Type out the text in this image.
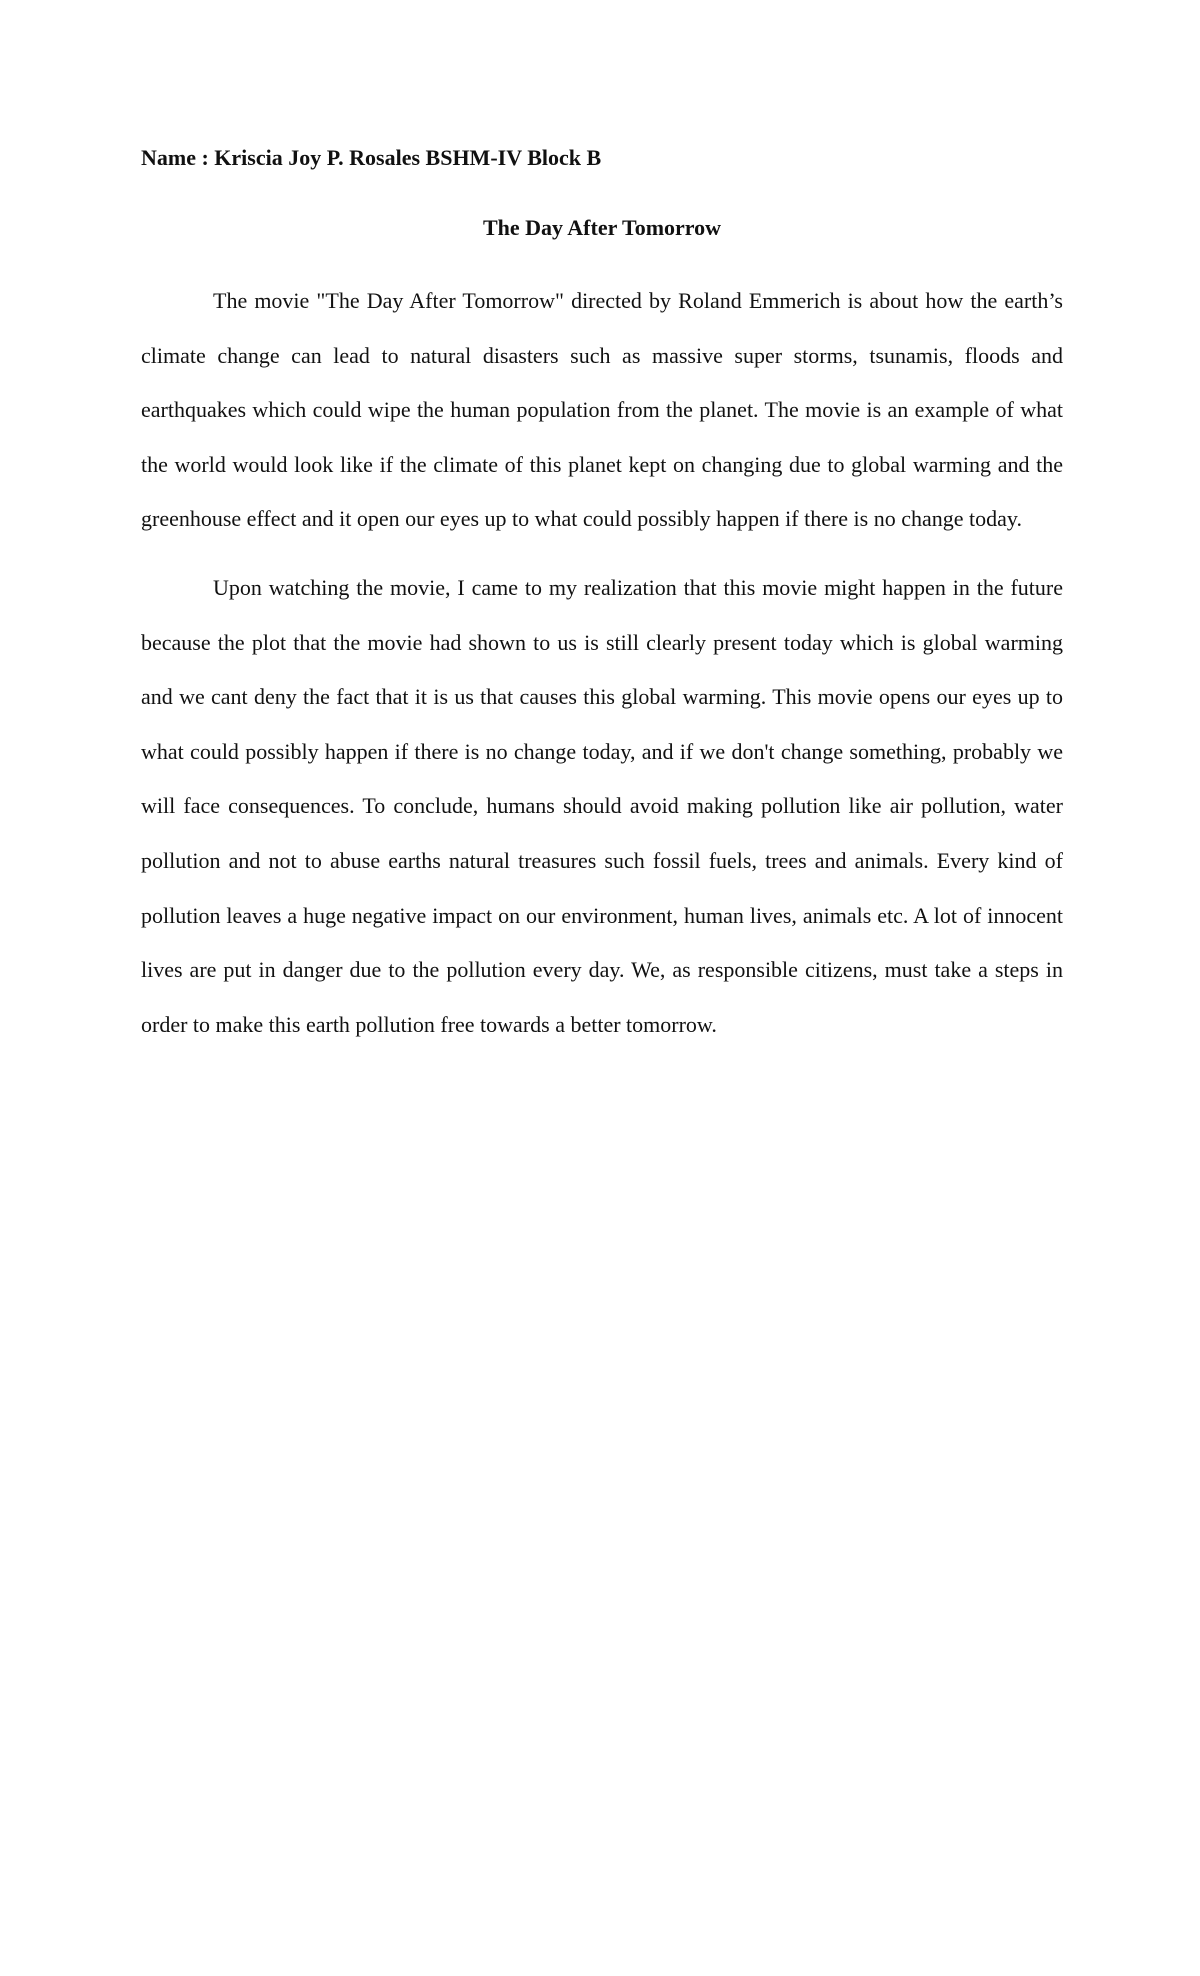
Name : Kriscia Joy P. Rosales BSHM-IV Block B

The Day After Tomorrow

The movie "The Day After Tomorrow" directed by Roland Emmerich is about how the earth’s climate change can lead to natural disasters such as massive super storms, tsunamis, floods and earthquakes which could wipe the human population from the planet. The movie is an example of what the world would look like if the climate of this planet kept on changing due to global warming and the greenhouse effect and it open our eyes up to what could possibly happen if there is no change today.

Upon watching the movie, I came to my realization that this movie might happen in the future because the plot that the movie had shown to us is still clearly present today which is global warming and we cant deny the fact that it is us that causes this global warming. This movie opens our eyes up to what could possibly happen if there is no change today, and if we don't change something, probably we will face consequences. To conclude, humans should avoid making pollution like air pollution, water pollution and not to abuse earths natural treasures such fossil fuels, trees and animals. Every kind of pollution leaves a huge negative impact on our environment, human lives, animals etc. A lot of innocent lives are put in danger due to the pollution every day. We, as responsible citizens, must take a steps in order to make this earth pollution free towards a better tomorrow.
